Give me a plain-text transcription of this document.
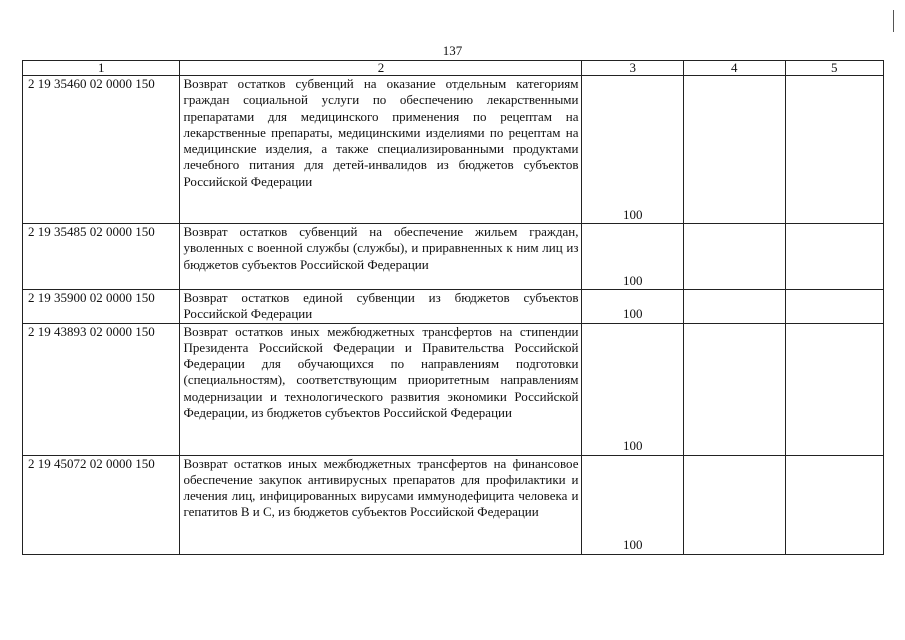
137
1	2	3	4	5
2 19 35460 02 0000 150	Возврат остатков субвенций на оказание отдельным категориям граждан социальной услуги по обеспечению лекарственными препаратами для медицинского применения по рецептам на лекарственные препараты, медицинскими изделиями по рецептам на медицинские изделия, а также специализированными продуктами лечебного питания для детей-инвалидов из бюджетов субъектов Российской Федерации	100		
2 19 35485 02 0000 150	Возврат остатков субвенций на обеспечение жильем граждан, уволенных с военной службы (службы), и приравненных к ним лиц из бюджетов субъектов Российской Федерации	100		
2 19 35900 02 0000 150	Возврат остатков единой субвенции из бюджетов субъектов Российской Федерации	100		
2 19 43893 02 0000 150	Возврат остатков иных межбюджетных трансфертов на стипендии Президента Российской Федерации и Правительства Российской Федерации для обучающихся по направлениям подготовки (специальностям), соответствующим приоритетным направлениям модернизации и технологического развития экономики Российской Федерации, из бюджетов субъектов Российской Федерации	100		
2 19 45072 02 0000 150	Возврат остатков иных межбюджетных трансфертов на финансовое обеспечение закупок антивирусных препаратов для профилактики и лечения лиц, инфицированных вирусами иммунодефицита человека и гепатитов В и С, из бюджетов субъектов Российской Федерации	100		
